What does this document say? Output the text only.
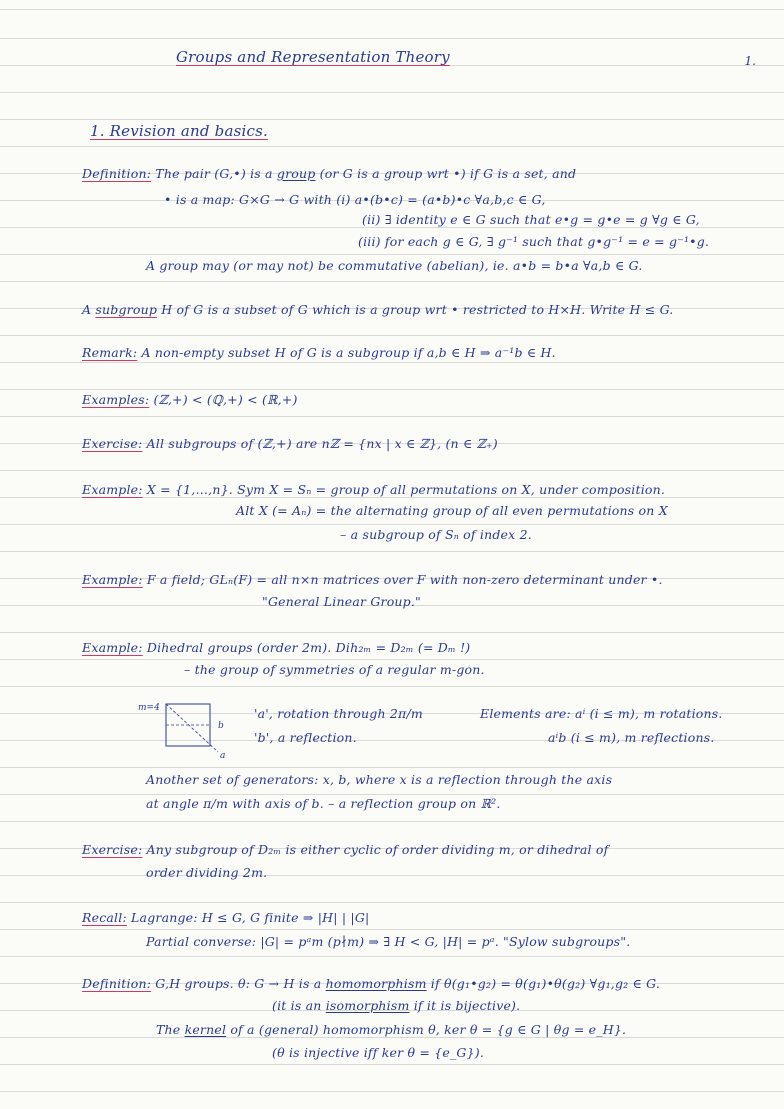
Groups and Representation Theory	1.
1. Revision and basics.
Definition: The pair (G,•) is a group (or G is a group wrt •) if G is a set, and
• is a map: G×G → G with (i) a•(b•c) = (a•b)•c ∀a,b,c ∈ G,
(ii) ∃ identity e ∈ G such that e•g = g•e = g ∀g ∈ G,
(iii) for each g ∈ G, ∃ g⁻¹ such that g•g⁻¹ = e = g⁻¹•g.
A group may (or may not) be commutative (abelian), ie. a•b = b•a ∀a,b ∈ G.
A subgroup H of G is a subset of G which is a group wrt • restricted to H×H. Write H ≤ G.
Remark: A non-empty subset H of G is a subgroup if a,b ∈ H ⇒ a⁻¹b ∈ H.
Examples: (ℤ,+) < (ℚ,+) < (ℝ,+)
Exercise: All subgroups of (ℤ,+) are nℤ = {nx | x ∈ ℤ}, (n ∈ ℤ₊)
Example: X = {1,…,n}. Sym X = Sₙ = group of all permutations on X, under composition.
Alt X (= Aₙ) = the alternating group of all even permutations on X
– a subgroup of Sₙ of index 2.
Example: F a field; GLₙ(F) = all n×n matrices over F with non-zero determinant under •.
"General Linear Group."
Example: Dihedral groups (order 2m). Dih₂ₘ = D₂ₘ (= Dₘ !)
– the group of symmetries of a regular m-gon.
m=4
b
a
'a', rotation through 2π/m
'b', a reflection.
Elements are: aⁱ (i ≤ m), m rotations.
aⁱb (i ≤ m), m reflections.
Another set of generators: x, b, where x is a reflection through the axis
at angle π/m with axis of b. – a reflection group on ℝ².
Exercise: Any subgroup of D₂ₘ is either cyclic of order dividing m, or dihedral of
order dividing 2m.
Recall: Lagrange: H ≤ G, G finite ⇒ |H| | |G|
Partial converse: |G| = pᵃm (p∤m) ⇒ ∃ H < G, |H| = pᵃ. "Sylow subgroups".
Definition: G,H groups. θ: G → H is a homomorphism if θ(g₁•g₂) = θ(g₁)•θ(g₂) ∀g₁,g₂ ∈ G.
(it is an isomorphism if it is bijective).
The kernel of a (general) homomorphism θ, ker θ = {g ∈ G | θg = e_H}.
(θ is injective iff ker θ = {e_G}).
